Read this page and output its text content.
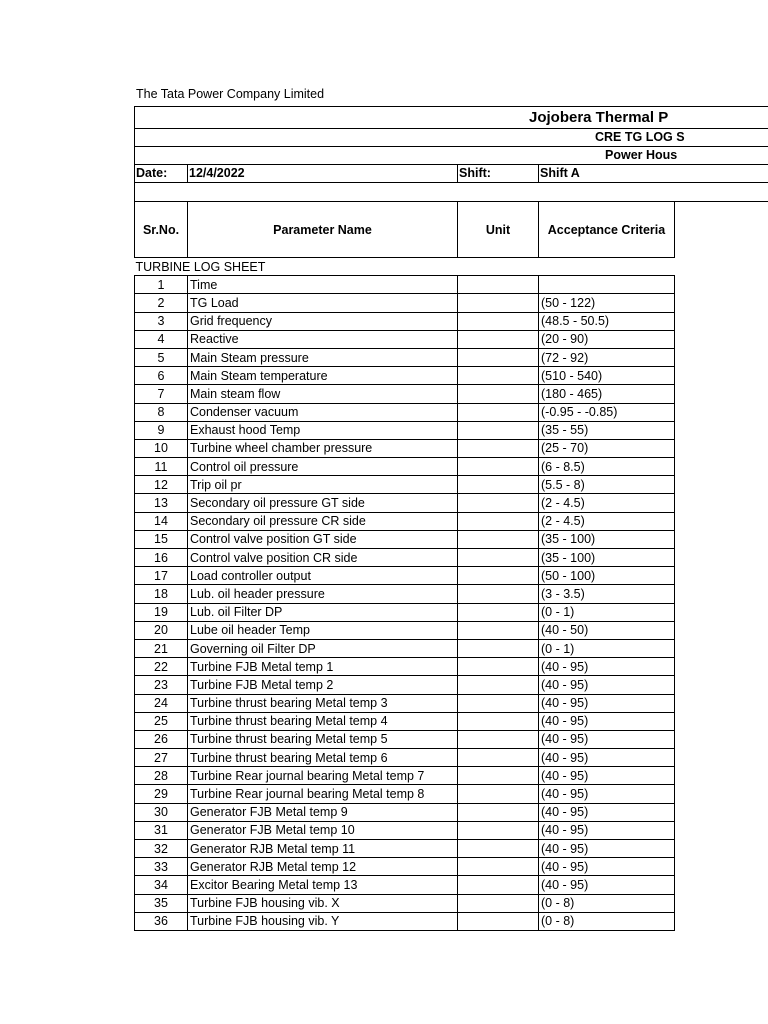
The Tata Power Company Limited
Jojobera Thermal P
CRE TG LOG S
Power Hous
Date: 12/4/2022	Shift:	Shift A
Sr.No.	Parameter Name	Unit	Acceptance Criteria
TURBINE LOG SHEET			
1	Time		
2	TG Load		(50 - 122)
3	Grid frequency		(48.5 - 50.5)
4	Reactive		(20 - 90)
5	Main Steam pressure		(72 - 92)
6	Main Steam temperature		(510 - 540)
7	Main steam flow		(180 - 465)
8	Condenser vacuum		(-0.95 - -0.85)
9	Exhaust hood Temp		(35 - 55)
10	Turbine wheel chamber pressure		(25 - 70)
11	Control oil pressure		(6 - 8.5)
12	Trip oil pr		(5.5 - 8)
13	Secondary oil pressure GT side		(2 - 4.5)
14	Secondary oil pressure CR side		(2 - 4.5)
15	Control valve position GT side		(35 - 100)
16	Control valve position CR side		(35 - 100)
17	Load controller output		(50 - 100)
18	Lub. oil header pressure		(3 - 3.5)
19	Lub. oil Filter DP		(0 - 1)
20	Lube oil header Temp		(40 - 50)
21	Governing oil Filter DP		(0 - 1)
22	Turbine FJB Metal temp 1		(40 - 95)
23	Turbine FJB Metal temp 2		(40 - 95)
24	Turbine thrust bearing Metal temp 3		(40 - 95)
25	Turbine thrust bearing Metal temp 4		(40 - 95)
26	Turbine thrust bearing Metal temp 5		(40 - 95)
27	Turbine thrust bearing Metal temp 6		(40 - 95)
28	Turbine Rear journal bearing Metal temp 7		(40 - 95)
29	Turbine Rear journal bearing Metal temp 8		(40 - 95)
30	Generator FJB Metal temp 9		(40 - 95)
31	Generator FJB Metal temp 10		(40 - 95)
32	Generator RJB Metal temp 11		(40 - 95)
33	Generator RJB Metal temp 12		(40 - 95)
34	Excitor Bearing Metal temp 13		(40 - 95)
35	Turbine FJB housing vib. X		(0 - 8)
36	Turbine FJB housing vib. Y		(0 - 8)
